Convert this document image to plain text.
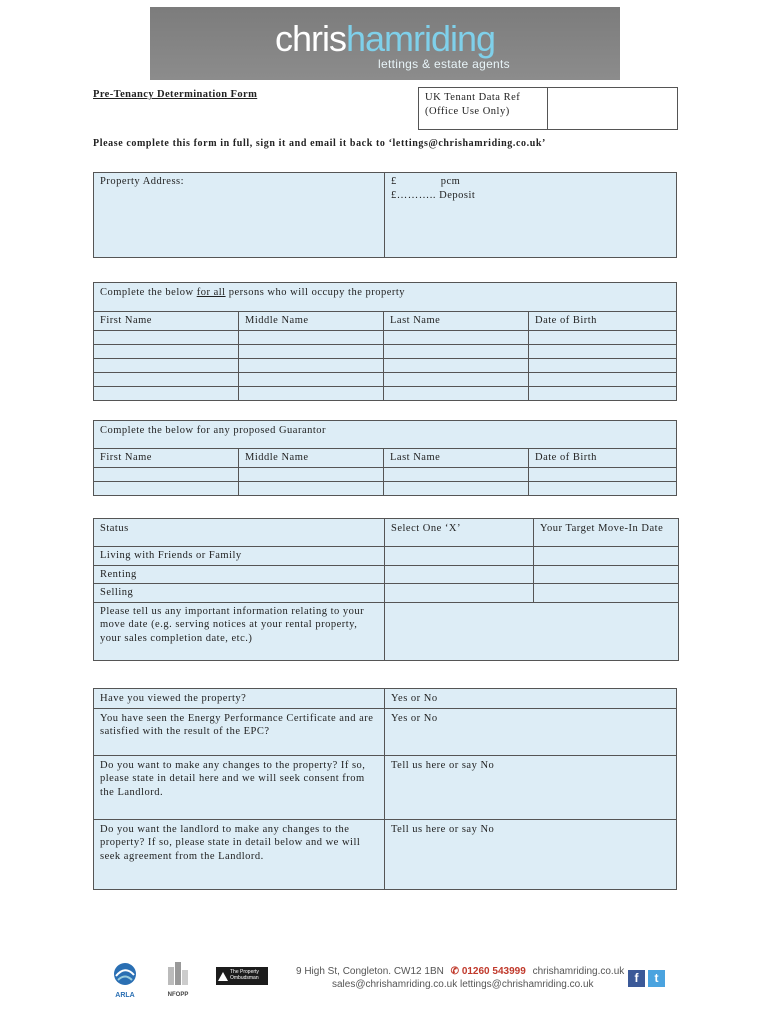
chrishamriding
lettings & estate agents
Pre-Tenancy Determination Form	UK Tenant Data Ref
(Office Use Only)

Please complete this form in full, sign it and email it back to ‘lettings@chrishamriding.co.uk’
Property Address:	£	pcm
£……….. Deposit
Complete the below for all persons who will occupy the property			
First Name	Middle Name	Last Name	Date of Birth

Complete the below for any proposed Guarantor			
First Name	Middle Name	Last Name	Date of Birth

Status	Select One ‘X’	Your Target Move-In Date
Living with Friends or Family		
Renting		
Selling		
Please tell us any important information relating to your move date (e.g. serving notices at your rental property, your sales completion date, etc.)		
Have you viewed the property?	Yes or No
You have seen the Energy Performance Certificate and are satisfied with the result of the EPC?	Yes or No
Do you want to make any changes to the property? If so, please state in detail here and we will seek consent from the Landlord.	Tell us here or say No
Do you want the landlord to make any changes to the property? If so, please state in detail below and we will seek agreement from the Landlord.	Tell us here or say No
ARLA	NFOPP
The Property Ombudsman
9 High St, Congleton. CW12 1BN ✆ 01260 543999 chrishamriding.co.uk
sales@chrishamriding.co.uk lettings@chrishamriding.co.uk	f	t
